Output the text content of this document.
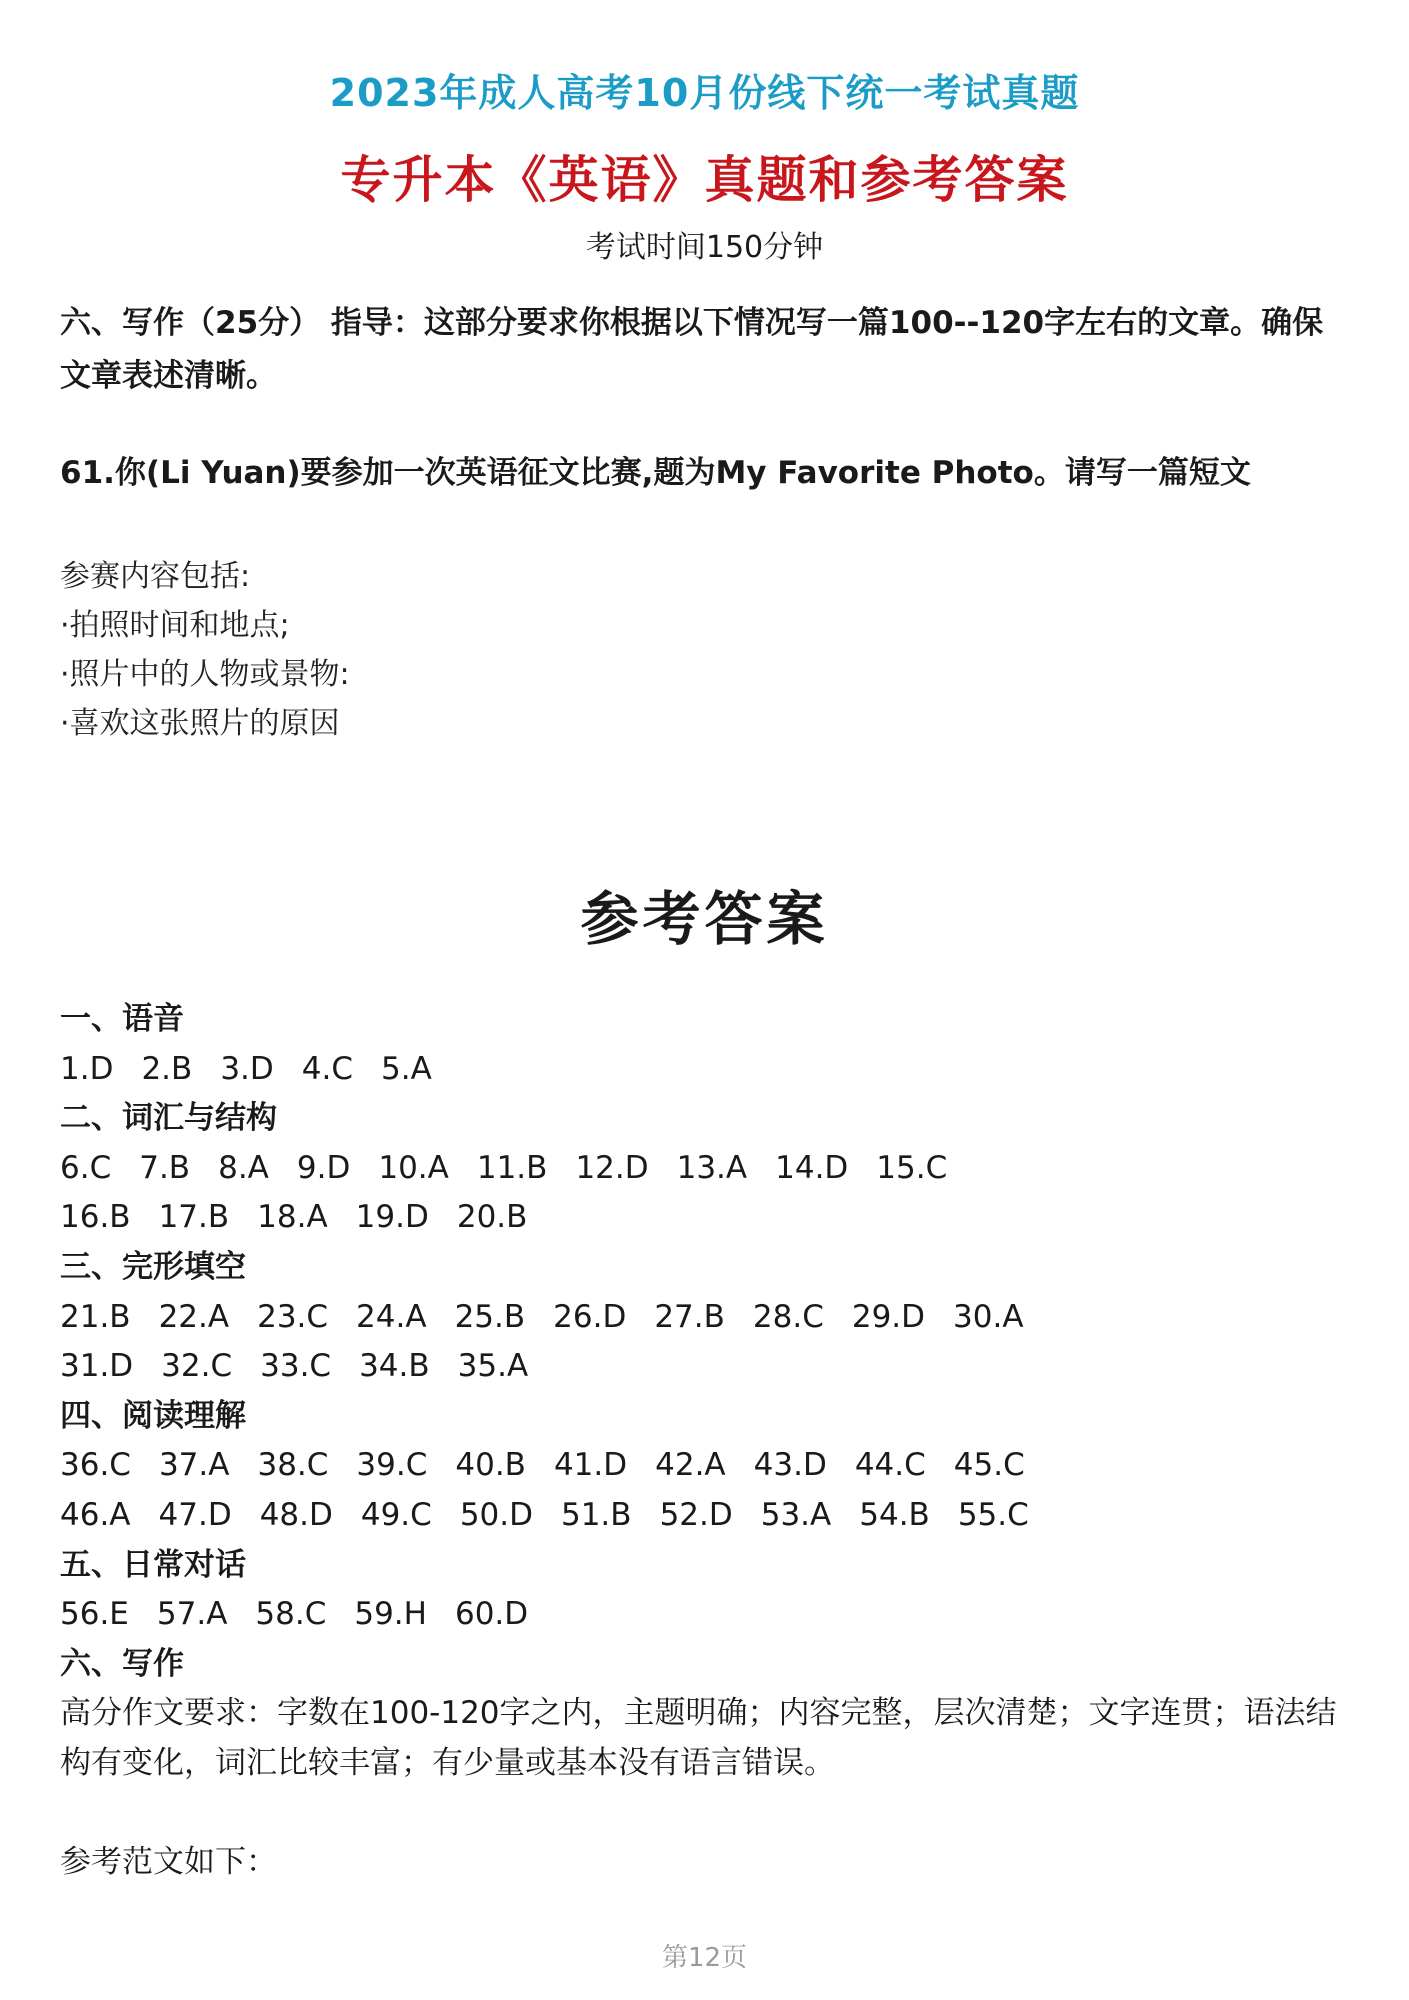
2023年成人高考10月份线下统一考试真题
专升本《英语》真题和参考答案
考试时间150分钟
六、写作（25分） 指导：这部分要求你根据以下情况写一篇100--120字左右的文章。确保文章表述清晰。
61.你(Li Yuan)要参加一次英语征文比赛,题为My Favorite Photo。请写一篇短文
参赛内容包括:
·拍照时间和地点;
·照片中的人物或景物:
·喜欢这张照片的原因
参考答案
一、语音
1.D 2.B 3.D 4.C 5.A
二、词汇与结构
6.C 7.B 8.A 9.D 10.A 11.B 12.D 13.A 14.D 15.C
16.B 17.B 18.A 19.D 20.B
三、完形填空
21.B 22.A 23.C 24.A 25.B 26.D 27.B 28.C 29.D 30.A
31.D 32.C 33.C 34.B 35.A
四、阅读理解
36.C 37.A 38.C 39.C 40.B 41.D 42.A 43.D 44.C 45.C
46.A 47.D 48.D 49.C 50.D 51.B 52.D 53.A 54.B 55.C
五、日常对话
56.E 57.A 58.C 59.H 60.D
六、写作
高分作文要求：字数在100-120字之内，主题明确；内容完整，层次清楚；文字连贯；语法结构有变化，词汇比较丰富；有少量或基本没有语言错误。
参考范文如下：
第12页
